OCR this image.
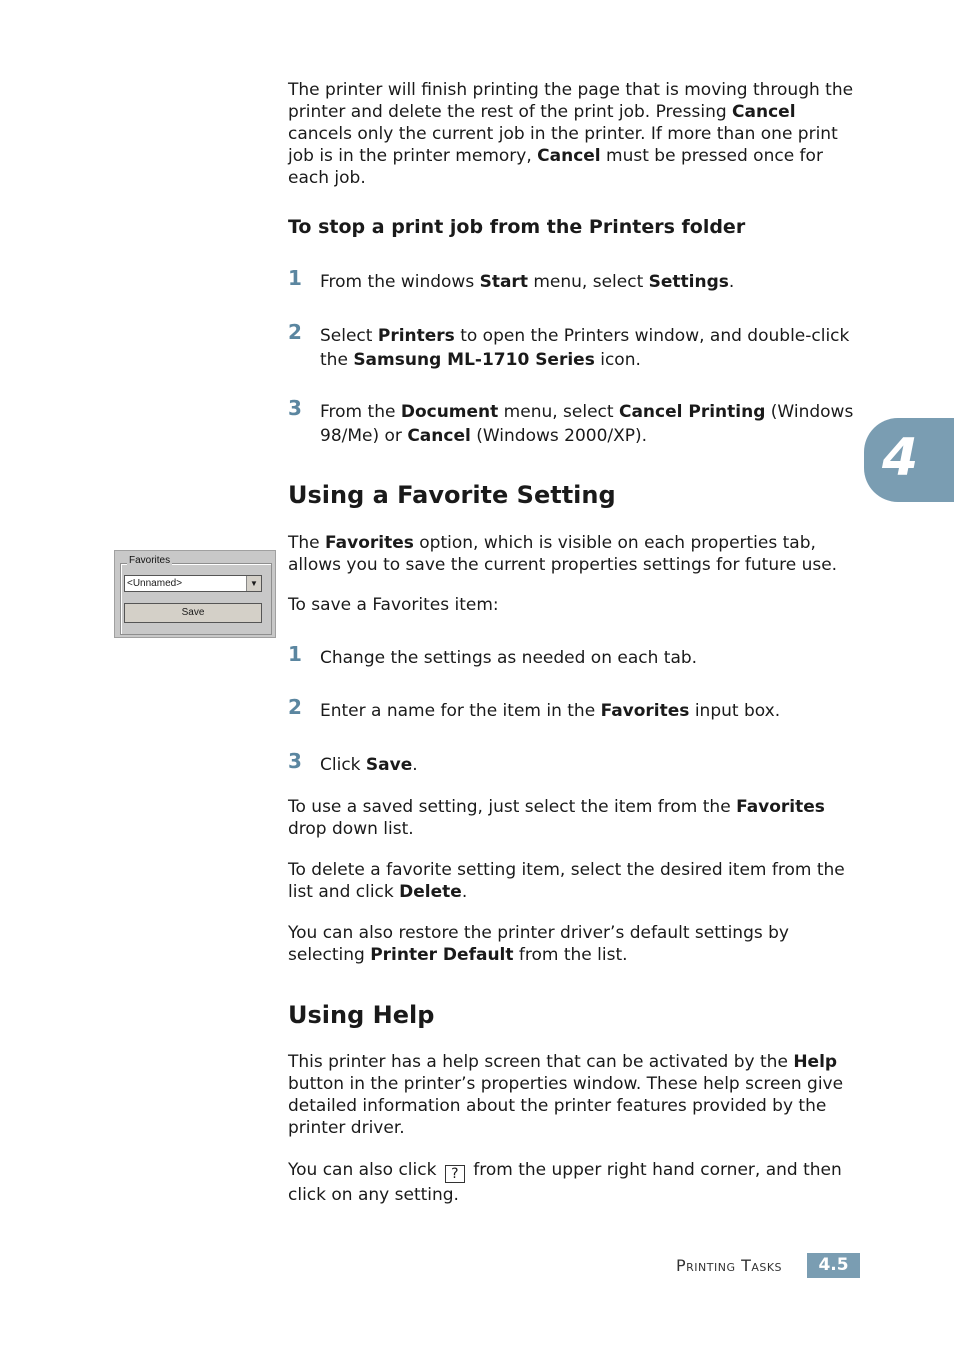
The printer will finish printing the page that is moving through the printer and delete the rest of the print job. Pressing Cancel cancels only the current job in the printer. If more than one print job is in the printer memory, Cancel must be pressed once for each job.

To stop a print job from the Printers folder
1 From the windows Start menu, select Settings.
2 Select Printers to open the Printers window, and double-click the Samsung ML-1710 Series icon.
3 From the Document menu, select Cancel Printing (Windows 98/Me) or Cancel (Windows 2000/XP).	4
Using a Favorite Setting
Favorites
<Unnamed>	▼
Save

The Favorites option, which is visible on each properties tab, allows you to save the current properties settings for future use.

To save a Favorites item:

1 Change the settings as needed on each tab.
2 Enter a name for the item in the Favorites input box.
3 Click Save.

To use a saved setting, just select the item from the Favorites drop down list.

To delete a favorite setting item, select the desired item from the list and click Delete.

You can also restore the printer driver’s default settings by selecting Printer Default from the list.

Using Help

This printer has a help screen that can be activated by the Help button in the printer’s properties window. These help screen give detailed information about the printer features provided by the printer driver.

You can also click ? from the upper right hand corner, and then click on any setting.

Printing Tasks	4.5
